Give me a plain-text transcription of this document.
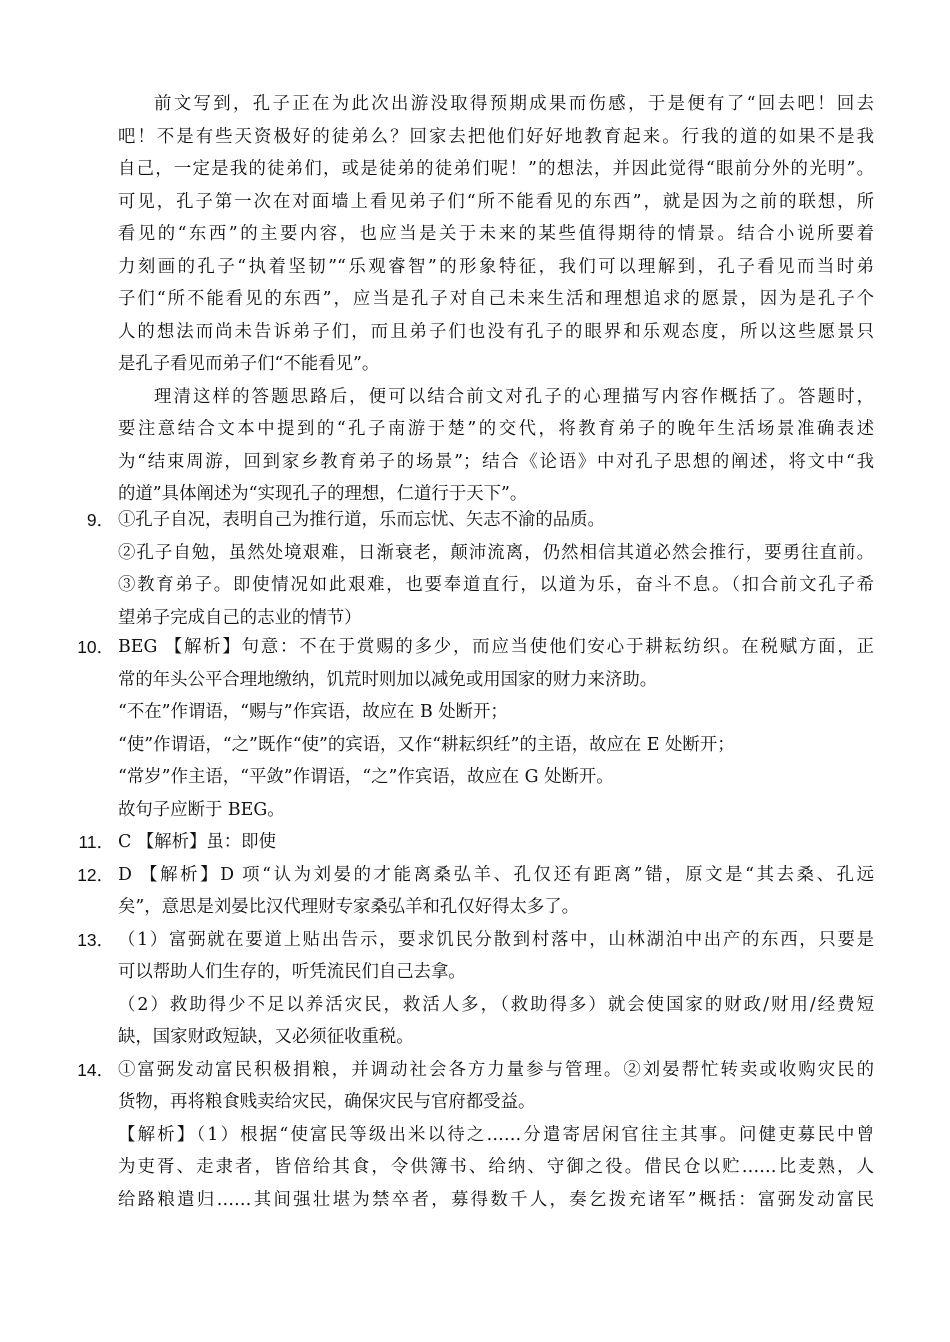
前文写到，孔子正在为此次出游没取得预期成果而伤感，于是便有了“回去吧！回去
吧！不是有些天资极好的徒弟么？回家去把他们好好地教育起来。行我的道的如果不是我
自己，一定是我的徒弟们，或是徒弟的徒弟们呢！”的想法，并因此觉得“眼前分外的光明”。
可见，孔子第一次在对面墙上看见弟子们“所不能看见的东西”，就是因为之前的联想，所
看见的“东西”的主要内容，也应当是关于未来的某些值得期待的情景。结合小说所要着
力刻画的孔子“执着坚韧”“乐观睿智”的形象特征，我们可以理解到，孔子看见而当时弟
子们“所不能看见的东西”，应当是孔子对自己未来生活和理想追求的愿景，因为是孔子个
人的想法而尚未告诉弟子们，而且弟子们也没有孔子的眼界和乐观态度，所以这些愿景只
是孔子看见而弟子们“不能看见”。
理清这样的答题思路后，便可以结合前文对孔子的心理描写内容作概括了。答题时，
要注意结合文本中提到的“孔子南游于楚”的交代，将教育弟子的晚年生活场景准确表述
为“结束周游，回到家乡教育弟子的场景”；结合《论语》中对孔子思想的阐述，将文中“我
的道”具体阐述为“实现孔子的理想，仁道行于天下”。
9． ①孔子自况，表明自己为推行道，乐而忘忧、矢志不渝的品质。
②孔子自勉，虽然处境艰难，日渐衰老，颠沛流离，仍然相信其道必然会推行，要勇往直前。
③教育弟子。即使情况如此艰难，也要奉道直行，以道为乐，奋斗不息。（扣合前文孔子希
望弟子完成自己的志业的情节）
10． BEG 【解析】句意：不在于赏赐的多少，而应当使他们安心于耕耘纺织。在税赋方面，正
常的年头公平合理地缴纳，饥荒时则加以减免或用国家的财力来济助。
“不在”作谓语，“赐与”作宾语，故应在 B 处断开；
“使”作谓语，“之”既作“使”的宾语，又作“耕耘织纴”的主语，故应在 E 处断开；
“常岁”作主语，“平敛”作谓语，“之”作宾语，故应在 G 处断开。
故句子应断于 BEG。
11． C 【解析】虽：即使
12． D 【解析】D 项“认为刘晏的才能离桑弘羊、孔仅还有距离”错，原文是“其去桑、孔远
矣”，意思是刘晏比汉代理财专家桑弘羊和孔仅好得太多了。
13． （1）富弼就在要道上贴出告示，要求饥民分散到村落中，山林湖泊中出产的东西，只要是
可以帮助人们生存的，听凭流民们自己去拿。
（2）救助得少不足以养活灾民，救活人多，（救助得多）就会使国家的财政/财用/经费短
缺，国家财政短缺，又必须征收重税。
14． ①富弼发动富民积极捐粮，并调动社会各方力量参与管理。②刘晏帮忙转卖或收购灾民的
货物，再将粮食贱卖给灾民，确保灾民与官府都受益。
【解析】（1）根据“使富民等级出米以待之……分遣寄居闲官往主其事。问健吏募民中曾
为吏胥、走隶者，皆倍给其食，令供簿书、给纳、守御之役。借民仓以贮……比麦熟，人
给路粮遣归……其间强壮堪为禁卒者，募得数千人，奏乞拨充诸军”概括：富弼发动富民
